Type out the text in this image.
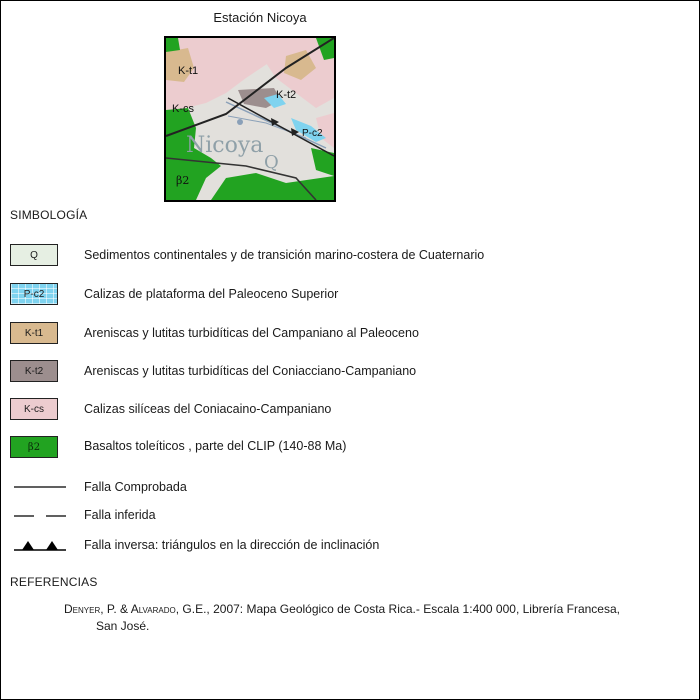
Estación Nicoya
K-t1
K-cs
K-t2
P-c2
Nicoya
Q
β2
SIMBOLOGÍA
Q	Sedimentos continentales y de transición marino-costera de Cuaternario
P-c2	Calizas de plataforma del Paleoceno Superior
K-t1	Areniscas y lutitas turbidíticas del Campaniano al Paleoceno
K-t2	Areniscas y lutitas turbidíticas del Coniacciano-Campaniano
K-cs	Calizas silíceas del Coniacaino-Campaniano
β2	Basaltos toleíticos , parte del CLIP (140-88 Ma)
Falla Comprobada
Falla inferida
Falla inversa: triángulos en la dirección de inclinación
REFERENCIAS
Denyer, P. & Alvarado, G.E., 2007: Mapa Geológico de Costa Rica.- Escala 1:400 000, Librería Francesa,
San José.
